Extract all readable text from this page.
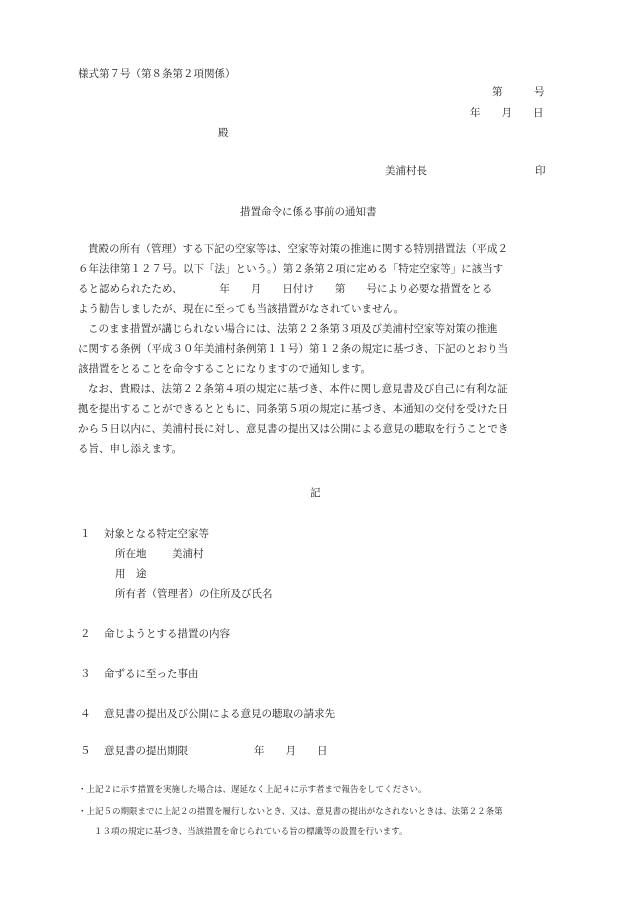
様式第７号（第８条第２項関係）
第　　　号
年　　月　　日
殿
美浦村長	印
措置命令に係る事前の通知書
貴殿の所有（管理）する下記の空家等は、空家等対策の推進に関する特別措置法（平成２
６年法律第１２７号。以下「法」という。）第２条第２項に定める「特定空家等」に該当す
ると認められたため、　　　　年　　月　　日付け　　第　　号により必要な措置をとる
よう勧告しましたが、現在に至っても当該措置がなされていません。
このまま措置が講じられない場合には、法第２２条第３項及び美浦村空家等対策の推進
に関する条例（平成３０年美浦村条例第１１号）第１２条の規定に基づき、下記のとおり当
該措置をとることを命令することになりますので通知します。
なお、貴殿は、法第２２条第４項の規定に基づき、本件に関し意見書及び自己に有利な証
拠を提出することができるとともに、同条第５項の規定に基づき、本通知の交付を受けた日
から５日以内に、美浦村長に対し、意見書の提出又は公開による意見の聴取を行うことでき
る旨、申し添えます。
記
１ 対象となる特定空家等
所在地 美浦村
用　途
所有者（管理者）の住所及び氏名
２ 命じようとする措置の内容
３ 命ずるに至った事由
４ 意見書の提出及び公開による意見の聴取の請求先
５ 意見書の提出期限	年　　月　　日
・上記２に示す措置を実施した場合は、遅延なく上記４に示す者まで報告をしてください。
・上記５の期限までに上記２の措置を履行しないとき、又は、意見書の提出がなされないときは、法第２２条第
１３項の規定に基づき、当該措置を命じられている旨の標識等の設置を行います。
